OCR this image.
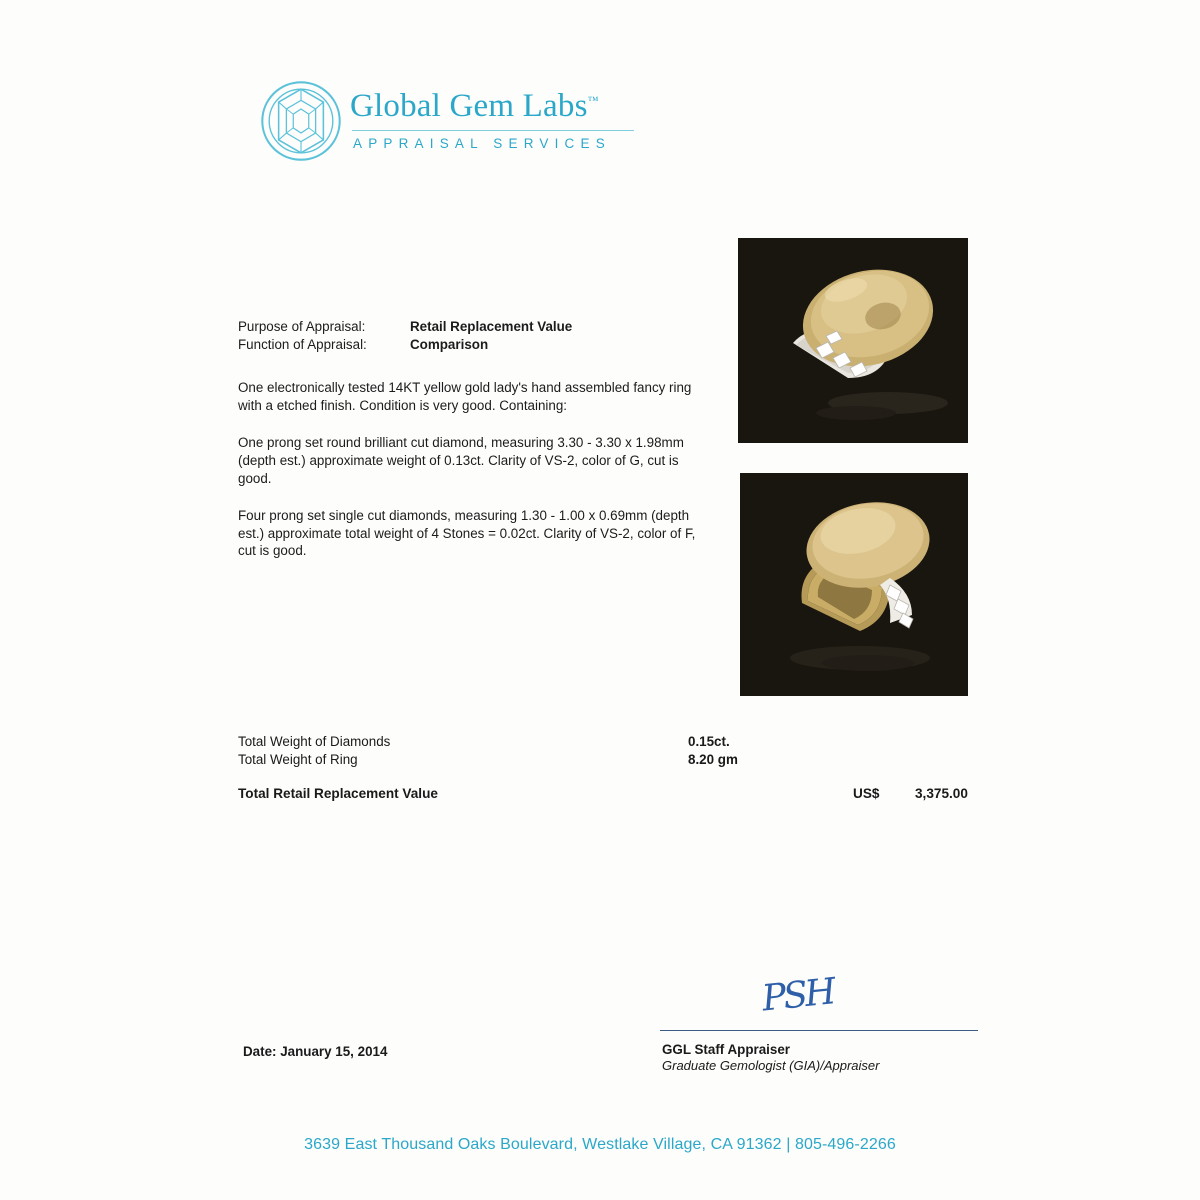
Global Gem Labs™
APPRAISAL SERVICES
Purpose of Appraisal:	Retail Replacement Value
Function of Appraisal:	Comparison
One electronically tested 14KT yellow gold lady's hand assembled fancy ring with a etched finish. Condition is very good. Containing:
One prong set round brilliant cut diamond, measuring 3.30 - 3.30 x 1.98mm (depth est.) approximate weight of 0.13ct. Clarity of VS-2, color of G, cut is good.
Four prong set single cut diamonds, measuring 1.30 - 1.00 x 0.69mm (depth est.) approximate total weight of 4 Stones = 0.02ct. Clarity of VS-2, color of F, cut is good.
Total Weight of Diamonds	0.15ct.
Total Weight of Ring	8.20 gm
Total Retail Replacement Value	US$	3,375.00
PSH
GGL Staff Appraiser
Graduate Gemologist (GIA)/Appraiser
Date: January 15, 2014
3639 East Thousand Oaks Boulevard, Westlake Village, CA 91362 | 805-496-2266
